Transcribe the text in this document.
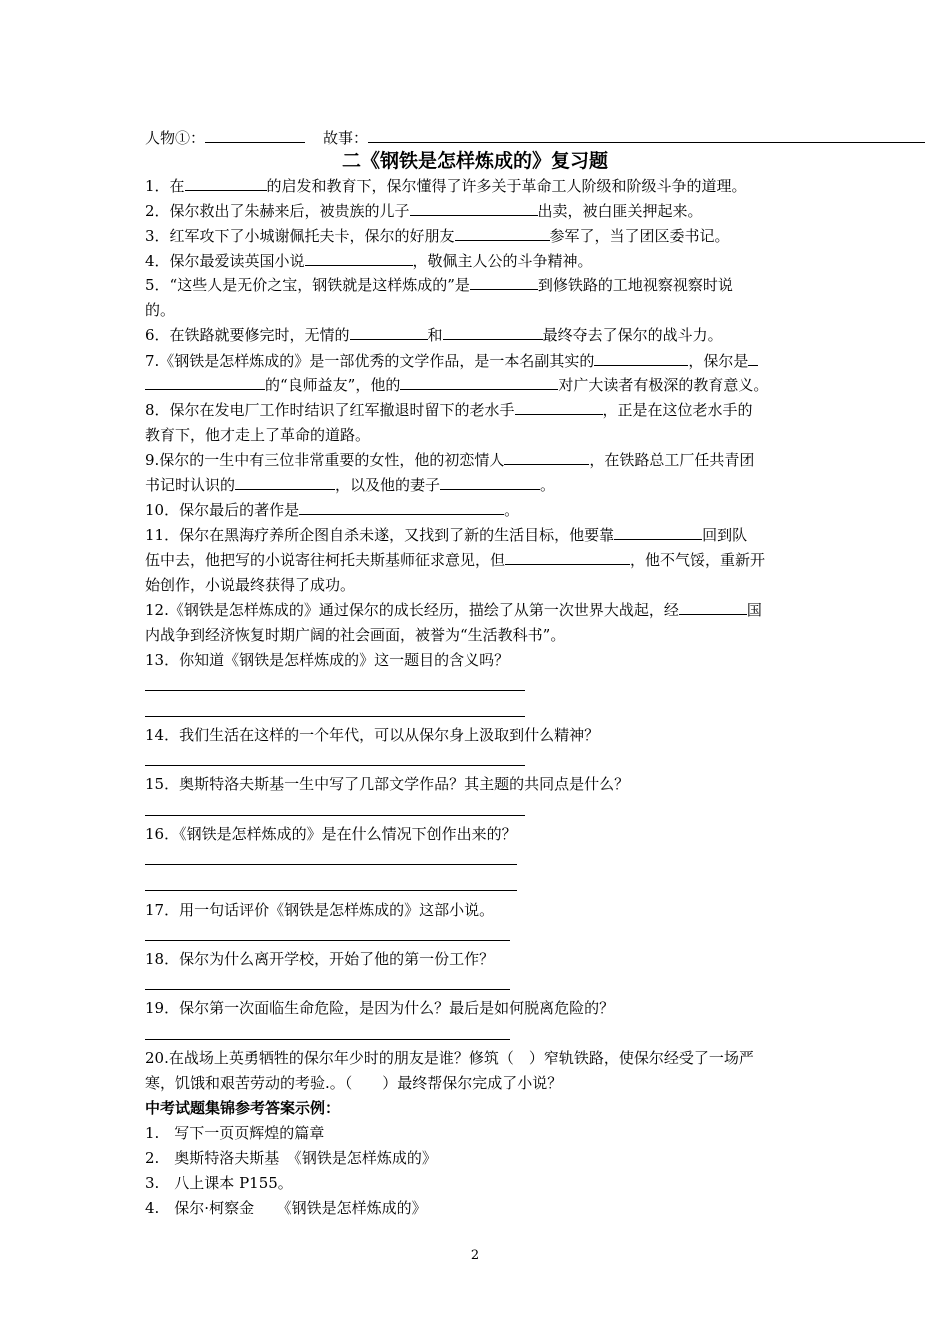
人物①：	故事：
二《钢铁是怎样炼成的》复习题
1．在	的启发和教育下，保尔懂得了许多关于革命工人阶级和阶级斗争的道理。
2．保尔救出了朱赫来后，被贵族的儿子	出卖，被白匪关押起来。
3．红军攻下了小城谢佩托夫卡，保尔的好朋友	参军了，当了团区委书记。
4．保尔最爱读英国小说	，敬佩主人公的斗争精神。
5．“这些人是无价之宝，钢铁就是这样炼成的”是	到修铁路的工地视察视察时说
的。
6．在铁路就要修完时，无情的	和	最终夺去了保尔的战斗力。
7.《钢铁是怎样炼成的》是一部优秀的文学作品，是一本名副其实的	，保尔是
的“良师益友”，他的	对广大读者有极深的教育意义。
8．保尔在发电厂工作时结识了红军撤退时留下的老水手	，正是在这位老水手的
教育下，他才走上了革命的道路。
9.保尔的一生中有三位非常重要的女性，他的初恋情人	，在铁路总工厂任共青团
书记时认识的	，以及他的妻子	。
10．保尔最后的著作是	。
11．保尔在黑海疗养所企图自杀未遂，又找到了新的生活目标，他要靠	回到队
伍中去，他把写的小说寄往柯托夫斯基师征求意见，但	，他不气馁，重新开
始创作，小说最终获得了成功。
12.《钢铁是怎样炼成的》通过保尔的成长经历，描绘了从第一次世界大战起，经	国
内战争到经济恢复时期广阔的社会画面，被誉为“生活教科书”。
13．你知道《钢铁是怎样炼成的》这一题目的含义吗？
14．我们生活在这样的一个年代，可以从保尔身上汲取到什么精神？
15．奥斯特洛夫斯基一生中写了几部文学作品？其主题的共同点是什么？
16．《钢铁是怎样炼成的》是在什么情况下创作出来的？
17．用一句话评价《钢铁是怎样炼成的》这部小说。
18．保尔为什么离开学校，开始了他的第一份工作？
19．保尔第一次面临生命危险，是因为什么？最后是如何脱离危险的？
20.在战场上英勇牺牲的保尔年少时的朋友是谁？修筑（　）窄轨铁路，使保尔经受了一场严
寒，饥饿和艰苦劳动的考验.。（　　）最终帮保尔完成了小说？
中考试题集锦参考答案示例：
1.　写下一页页辉煌的篇章
2.　奥斯特洛夫斯基　《钢铁是怎样炼成的》
3.　八上课本 P155。
4.　保尔·柯察金　　《钢铁是怎样炼成的》
2
